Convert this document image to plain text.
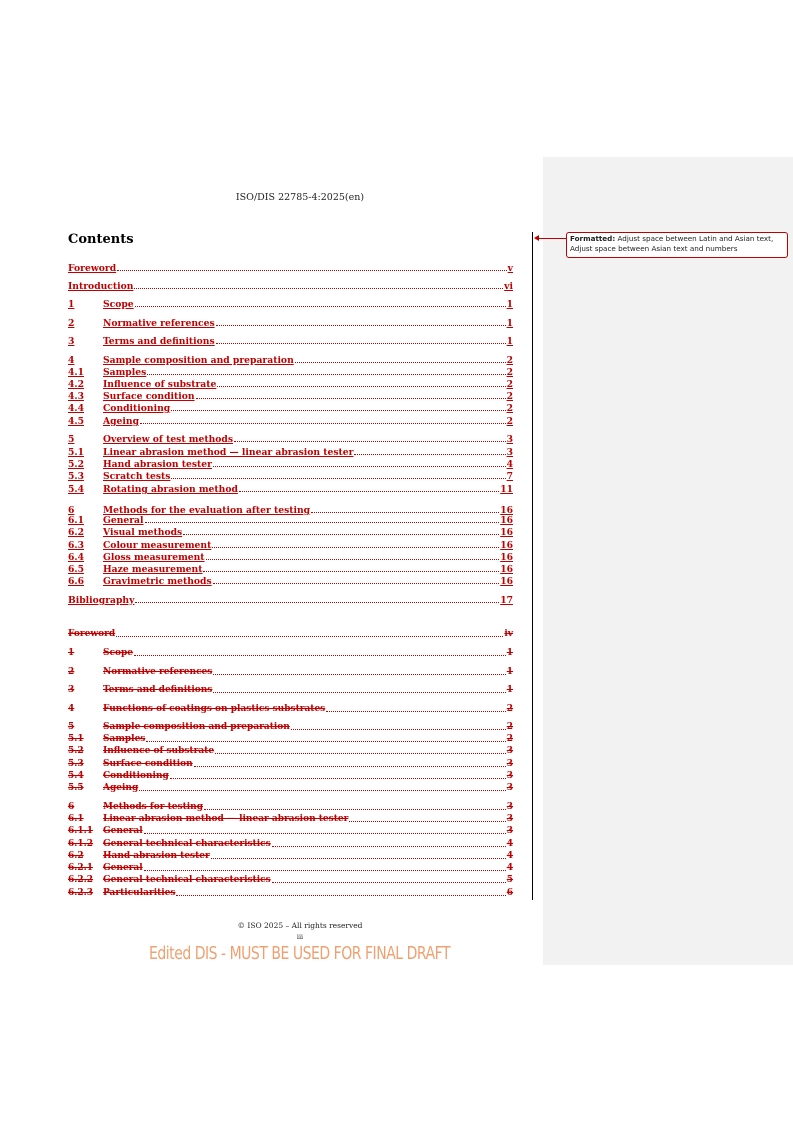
Formatted: Adjust space between Latin and Asian text, Adjust space between Asian text and numbers
ISO/DIS 22785-4:2025(en)
Contents
Foreword	v
Introduction	vi
1	Scope	1
2	Normative references	1
3	Terms and definitions	1
4	Sample composition and preparation	2
4.1	Samples	2
4.2	Influence of substrate	2
4.3	Surface condition	2
4.4	Conditioning	2
4.5	Ageing	2
5	Overview of test methods	3
5.1	Linear abrasion method — linear abrasion tester	3
5.2	Hand abrasion tester	4
5.3	Scratch tests	7
5.4	Rotating abrasion method	11
6	Methods for the evaluation after testing	16
6.1	General	16
6.2	Visual methods	16
6.3	Colour measurement	16
6.4	Gloss measurement	16
6.5	Haze measurement	16
6.6	Gravimetric methods	16
Bibliography	17
Foreword	iv
1	Scope	1
2	Normative references	1
3	Terms and definitions	1
4	Functions of coatings on plastics substrates	2
5	Sample composition and preparation	2
5.1	Samples	2
5.2	Influence of substrate	3
5.3	Surface condition	3
5.4	Conditioning	3
5.5	Ageing	3
6	Methods for testing	3
6.1	Linear abrasion method — linear abrasion tester	3
6.1.1	General	3
6.1.2	General technical characteristics	4
6.2	Hand abrasion tester	4
6.2.1	General	4
6.2.2	General technical characteristics	5
6.2.3	Particularities	6
© ISO 2025 – All rights reserved
iii
Edited DIS - MUST BE USED FOR FINAL DRAFT
